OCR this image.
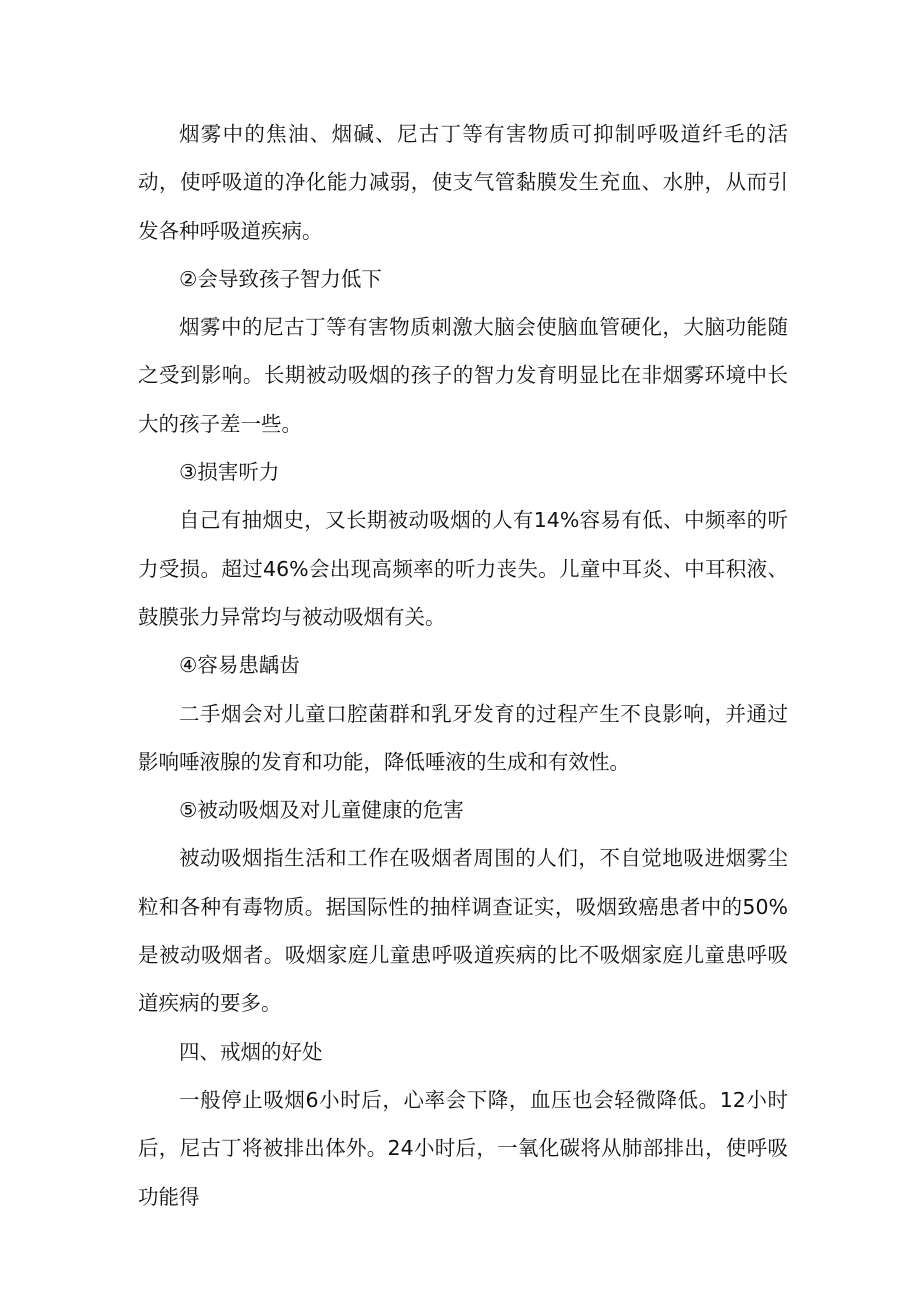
烟雾中的焦油、烟碱、尼古丁等有害物质可抑制呼吸道纤毛的活动，使呼吸道的净化能力减弱，使支气管黏膜发生充血、水肿，从而引发各种呼吸道疾病。

②会导致孩子智力低下

烟雾中的尼古丁等有害物质刺激大脑会使脑血管硬化，大脑功能随之受到影响。长期被动吸烟的孩子的智力发育明显比在非烟雾环境中长大的孩子差一些。

③损害听力

自己有抽烟史，又长期被动吸烟的人有14%容易有低、中频率的听力受损。超过46%会出现高频率的听力丧失。儿童中耳炎、中耳积液、鼓膜张力异常均与被动吸烟有关。

④容易患龋齿

二手烟会对儿童口腔菌群和乳牙发育的过程产生不良影响，并通过影响唾液腺的发育和功能，降低唾液的生成和有效性。

⑤被动吸烟及对儿童健康的危害

被动吸烟指生活和工作在吸烟者周围的人们，不自觉地吸进烟雾尘粒和各种有毒物质。据国际性的抽样调查证实，吸烟致癌患者中的50%是被动吸烟者。吸烟家庭儿童患呼吸道疾病的比不吸烟家庭儿童患呼吸道疾病的要多。

四、戒烟的好处

一般停止吸烟6小时后，心率会下降，血压也会轻微降低。12小时后，尼古丁将被排出体外。24小时后，一氧化碳将从肺部排出，使呼吸功能得
